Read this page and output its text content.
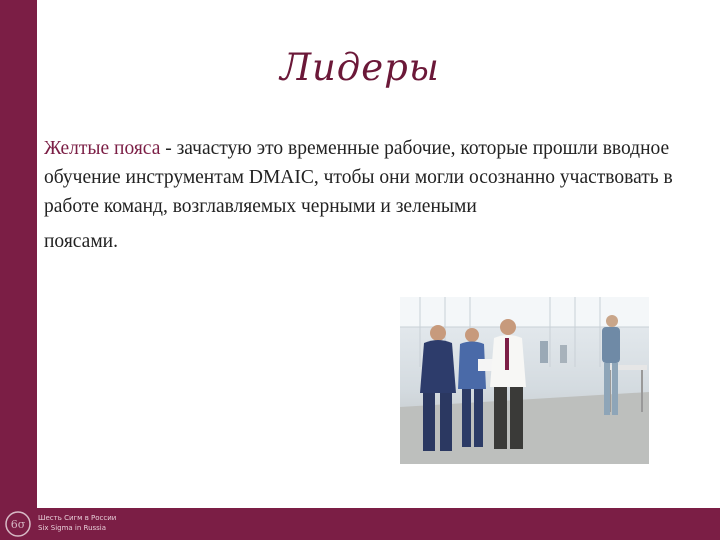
Лидеры
Желтые пояса - зачастую это временные рабочие, которые прошли вводное обучение инструментам DMAIC, чтобы они могли осознанно участвовать в работе команд, возглавляемых черными и зелеными
поясами.
6σ Шесть Сигм в России
Six Sigma in Russia
